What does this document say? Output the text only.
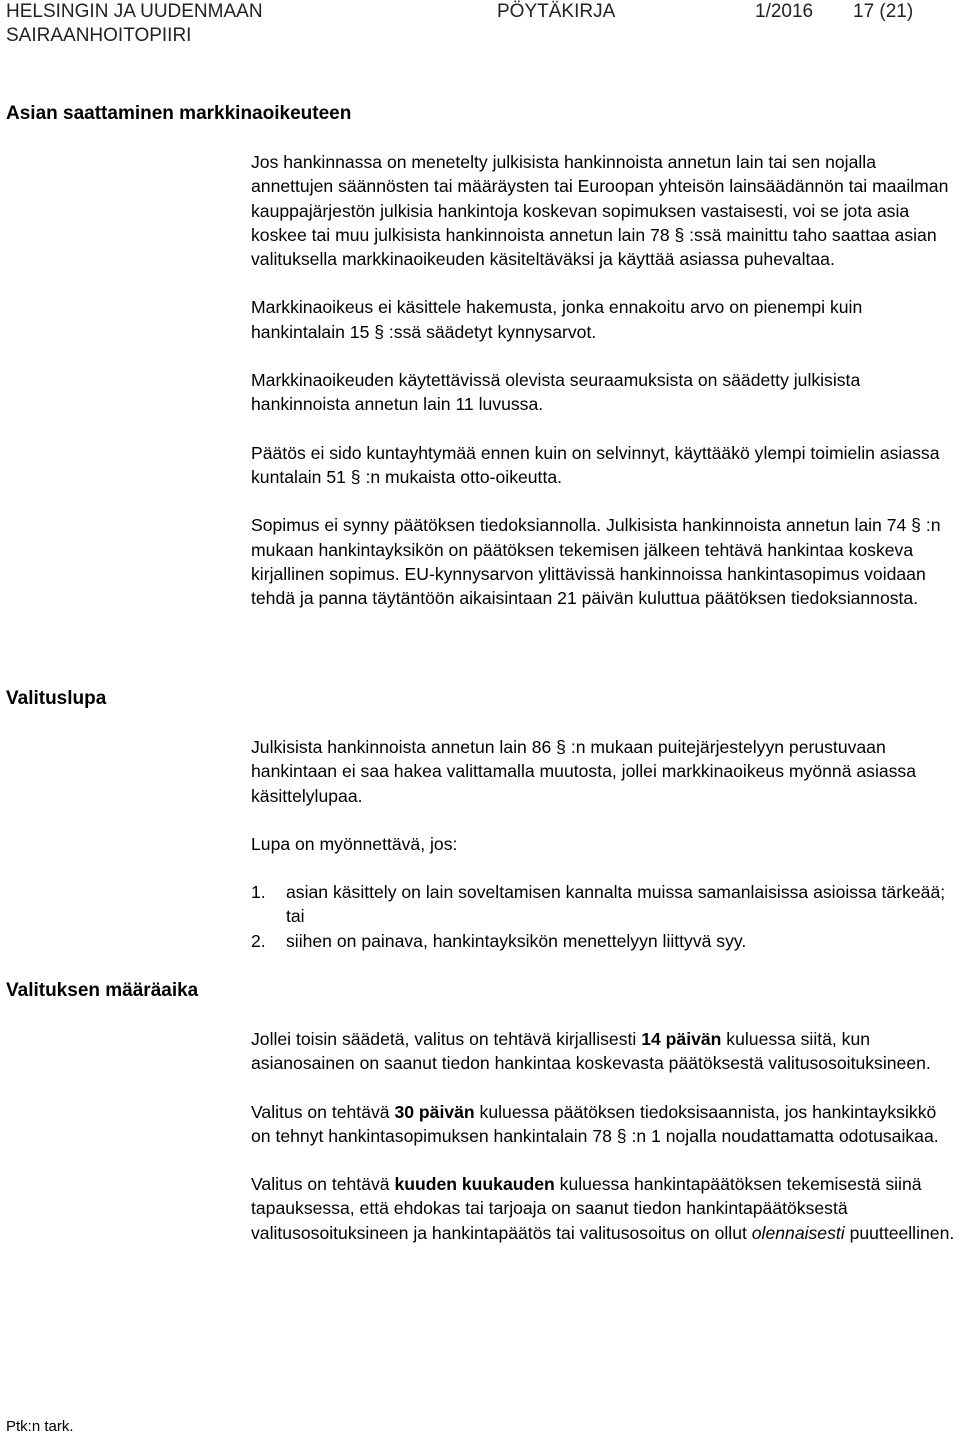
HELSINGIN JA UUDENMAAN
SAIRAANHOITOPIIRI
PÖYTÄKIRJA	1/2016 17 (21)
Asian saattaminen markkinaoikeuteen

Jos hankinnassa on menetelty julkisista hankinnoista annetun lain tai sen nojalla annettujen säännösten tai määräysten tai Euroopan yhteisön lainsäädännön tai maailman kauppajärjestön julkisia hankintoja koskevan sopimuksen vastaisesti, voi se jota asia koskee tai muu julkisista hankinnoista annetun lain 78 § :ssä mainittu taho saattaa asian valituksella markkinaoikeuden käsiteltäväksi ja käyttää asiassa puhevaltaa.

Markkinaoikeus ei käsittele hakemusta, jonka ennakoitu arvo on pienempi kuin hankintalain 15 § :ssä säädetyt kynnysarvot.

Markkinaoikeuden käytettävissä olevista seuraamuksista on säädetty julkisista hankinnoista annetun lain 11 luvussa.

Päätös ei sido kuntayhtymää ennen kuin on selvinnyt, käyttääkö ylempi toimielin asiassa kuntalain 51 § :n mukaista otto-oikeutta.

Sopimus ei synny päätöksen tiedoksiannolla. Julkisista hankinnoista annetun lain 74 § :n mukaan hankintayksikön on päätöksen tekemisen jälkeen tehtävä hankintaa koskeva kirjallinen sopimus. EU-kynnysarvon ylittävissä hankinnoissa hankintasopimus voidaan tehdä ja panna täytäntöön aikaisintaan 21 päivän kuluttua päätöksen tiedoksiannosta.

Valituslupa

Julkisista hankinnoista annetun lain 86 § :n mukaan puitejärjestelyyn perustuvaan hankintaan ei saa hakea valittamalla muutosta, jollei markkinaoikeus myönnä asiassa käsittelylupaa.

Lupa on myönnettävä, jos:

1. asian käsittely on lain soveltamisen kannalta muissa samanlaisissa asioissa tärkeää; tai
2. siihen on painava, hankintayksikön menettelyyn liittyvä syy.
Valituksen määräaika

Jollei toisin säädetä, valitus on tehtävä kirjallisesti 14 päivän kuluessa siitä, kun asianosainen on saanut tiedon hankintaa koskevasta päätöksestä valitusosoituksineen.

Valitus on tehtävä 30 päivän kuluessa päätöksen tiedoksisaannista, jos hankintayksikkö on tehnyt hankintasopimuksen hankintalain 78 § :n 1 nojalla noudattamatta odotusaikaa.

Valitus on tehtävä kuuden kuukauden kuluessa hankintapäätöksen tekemisestä siinä tapauksessa, että ehdokas tai tarjoaja on saanut tiedon hankintapäätöksestä valitusosoituksineen ja hankintapäätös tai valitusosoitus on ollut olennaisesti puutteellinen.

Ptk:n tark.
